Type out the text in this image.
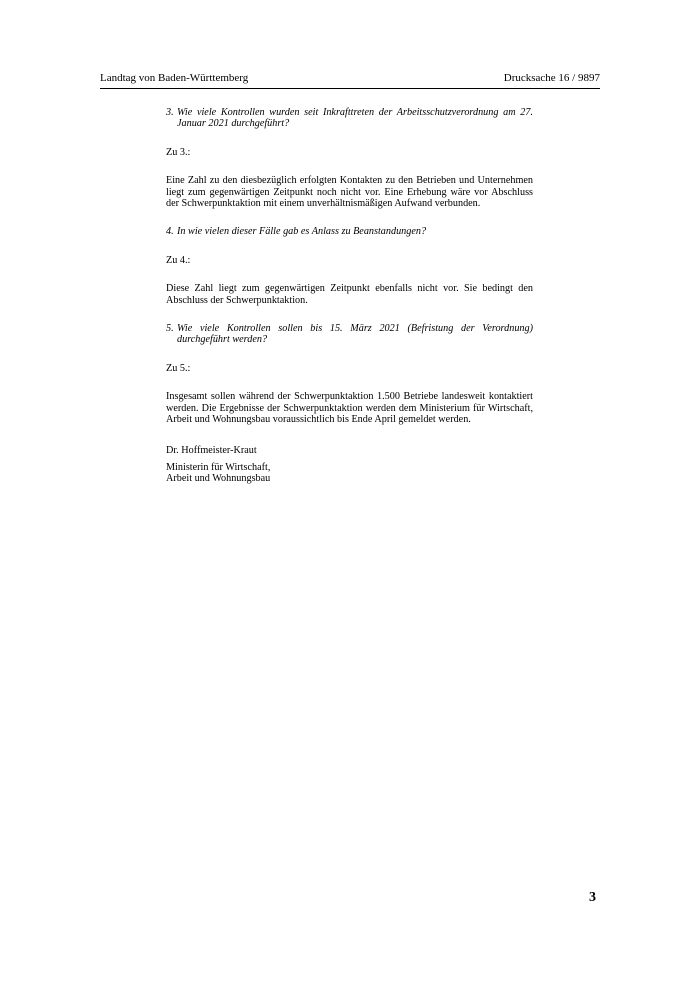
Landtag von Baden-Württemberg	Drucksache 16 / 9897
3. Wie viele Kontrollen wurden seit Inkrafttreten der Arbeitsschutzverordnung am 27. Januar 2021 durchgeführt?

Zu 3.:

Eine Zahl zu den diesbezüglich erfolgten Kontakten zu den Betrieben und Unternehmen liegt zum gegenwärtigen Zeitpunkt noch nicht vor. Eine Erhebung wäre vor Abschluss der Schwerpunktaktion mit einem unverhältnismäßigen Aufwand verbunden.

4. In wie vielen dieser Fälle gab es Anlass zu Beanstandungen?

Zu 4.:

Diese Zahl liegt zum gegenwärtigen Zeitpunkt ebenfalls nicht vor. Sie bedingt den Abschluss der Schwerpunktaktion.

5. Wie viele Kontrollen sollen bis 15. März 2021 (Befristung der Verordnung) durchgeführt werden?

Zu 5.:

Insgesamt sollen während der Schwerpunktaktion 1.500 Betriebe landesweit kontaktiert werden. Die Ergebnisse der Schwerpunktaktion werden dem Ministerium für Wirtschaft, Arbeit und Wohnungsbau voraussichtlich bis Ende April gemeldet werden.

Dr. Hoffmeister-Kraut

Ministerin für Wirtschaft,
Arbeit und Wohnungsbau

3
